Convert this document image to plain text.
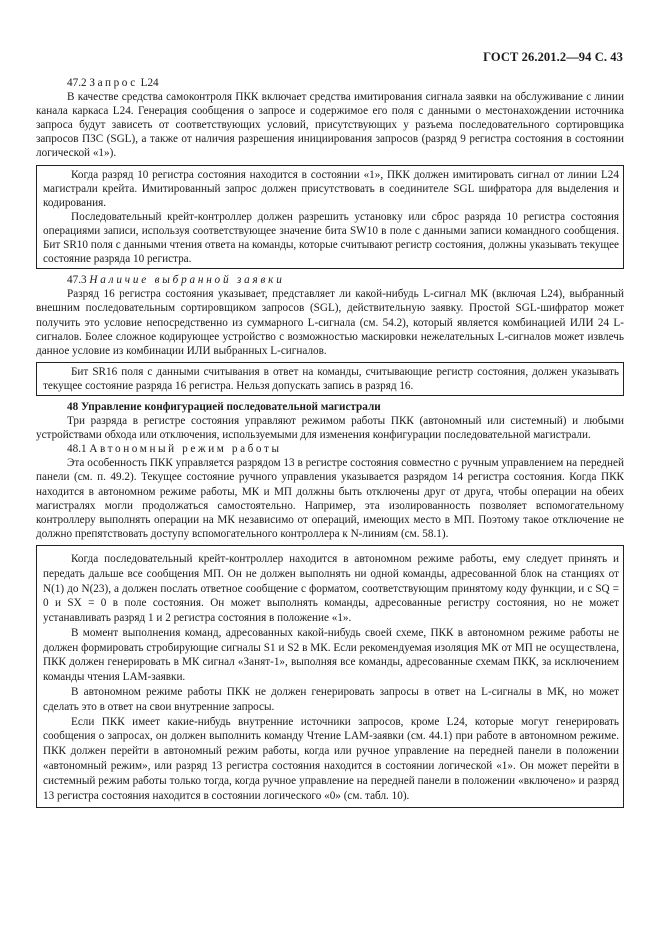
ГОСТ 26.201.2—94 С. 43

47.2 Запрос L24

В качестве средства самоконтроля ПКК включает средства имитирования сигнала заявки на обслуживание с линии канала каркаса L24. Генерация сообщения о запросе и содержимое его поля с данными о местонахождении источника запроса будут зависеть от соответствующих условий, присутствующих у разъема последовательного сортировщика запросов ПЗС (SGL), а также от наличия разрешения инициирования запросов (разряд 9 регистра состояния в состоянии логической «1»).

Когда разряд 10 регистра состояния находится в состоянии «1», ПКК должен имитировать сигнал от линии L24 магистрали крейта. Имитированный запрос должен присутствовать в соединителе SGL шифратора для выделения и кодирования.

Последовательный крейт-контроллер должен разрешить установку или сброс разряда 10 регистра состояния операциями записи, используя соответствующее значение бита SW10 в поле с данными записи командного сообщения. Бит SR10 поля с данными чтения ответа на команды, которые считывают регистр состояния, должны указывать текущее состояние разряда 10 регистра.

47.3 Наличие выбранной заявки

Разряд 16 регистра состояния указывает, представляет ли какой-нибудь L-сигнал МК (включая L24), выбранный внешним последовательным сортировщиком запросов (SGL), действительную заявку. Простой SGL-шифратор может получить это условие непосредственно из суммарного L-сигнала (см. 54.2), который является комбинацией ИЛИ 24 L-сигналов. Более сложное кодирующее устройство с возможностью маскировки нежелательных L-сигналов может извлечь данное условие из комбинации ИЛИ выбранных L-сигналов.

Бит SR16 поля с данными считывания в ответ на команды, считывающие регистр состояния, должен указывать текущее состояние разряда 16 регистра. Нельзя допускать запись в разряд 16.

48 Управление конфигурацией последовательной магистрали

Три разряда в регистре состояния управляют режимом работы ПКК (автономный или системный) и любыми устройствами обхода или отключения, используемыми для изменения конфигурации последовательной магистрали.

48.1 Автономный режим работы

Эта особенность ПКК управляется разрядом 13 в регистре состояния совместно с ручным управлением на передней панели (см. п. 49.2). Текущее состояние ручного управления указывается разрядом 14 регистра состояния. Когда ПКК находится в автономном режиме работы, МК и МП должны быть отключены друг от друга, чтобы операции на обеих магистралях могли продолжаться самостоятельно. Например, эта изолированность позволяет вспомогательному контроллеру выполнять операции на МК независимо от операций, имеющих место в МП. Поэтому такое отключение не должно препятствовать доступу вспомогательного контроллера к N-линиям (см. 58.1).

Когда последовательный крейт-контроллер находится в автономном режиме работы, ему следует принять и передать дальше все сообщения МП. Он не должен выполнять ни одной команды, адресованной блок на станциях от N(1) до N(23), а должен послать ответное сообщение с форматом, соответствующим принятому коду функции, и с SQ = 0 и SX = 0 в поле состояния. Он может выполнять команды, адресованные регистру состояния, но не может устанавливать разряд 1 и 2 регистра состояния в положение «1».

В момент выполнения команд, адресованных какой-нибудь своей схеме, ПКК в автономном режиме работы не должен формировать стробирующие сигналы S1 и S2 в МК. Если рекомендуемая изоляция МК от МП не осуществлена, ПКК должен генерировать в МК сигнал «Занят-1», выполняя все команды, адресованные схемам ПКК, за исключением команды чтения LAM-заявки.

В автономном режиме работы ПКК не должен генерировать запросы в ответ на L-сигналы в МК, но может сделать это в ответ на свои внутренние запросы.

Если ПКК имеет какие-нибудь внутренние источники запросов, кроме L24, которые могут генерировать сообщения о запросах, он должен выполнить команду Чтение LAM-заявки (см. 44.1) при работе в автономном режиме. ПКК должен перейти в автономный режим работы, когда или ручное управление на передней панели в положении «автономный режим», или разряд 13 регистра состояния находится в состоянии логической «1». Он может перейти в системный режим работы только тогда, когда ручное управление на передней панели в положении «включено» и разряд 13 регистра состояния находится в состоянии логического «0» (см. табл. 10).
